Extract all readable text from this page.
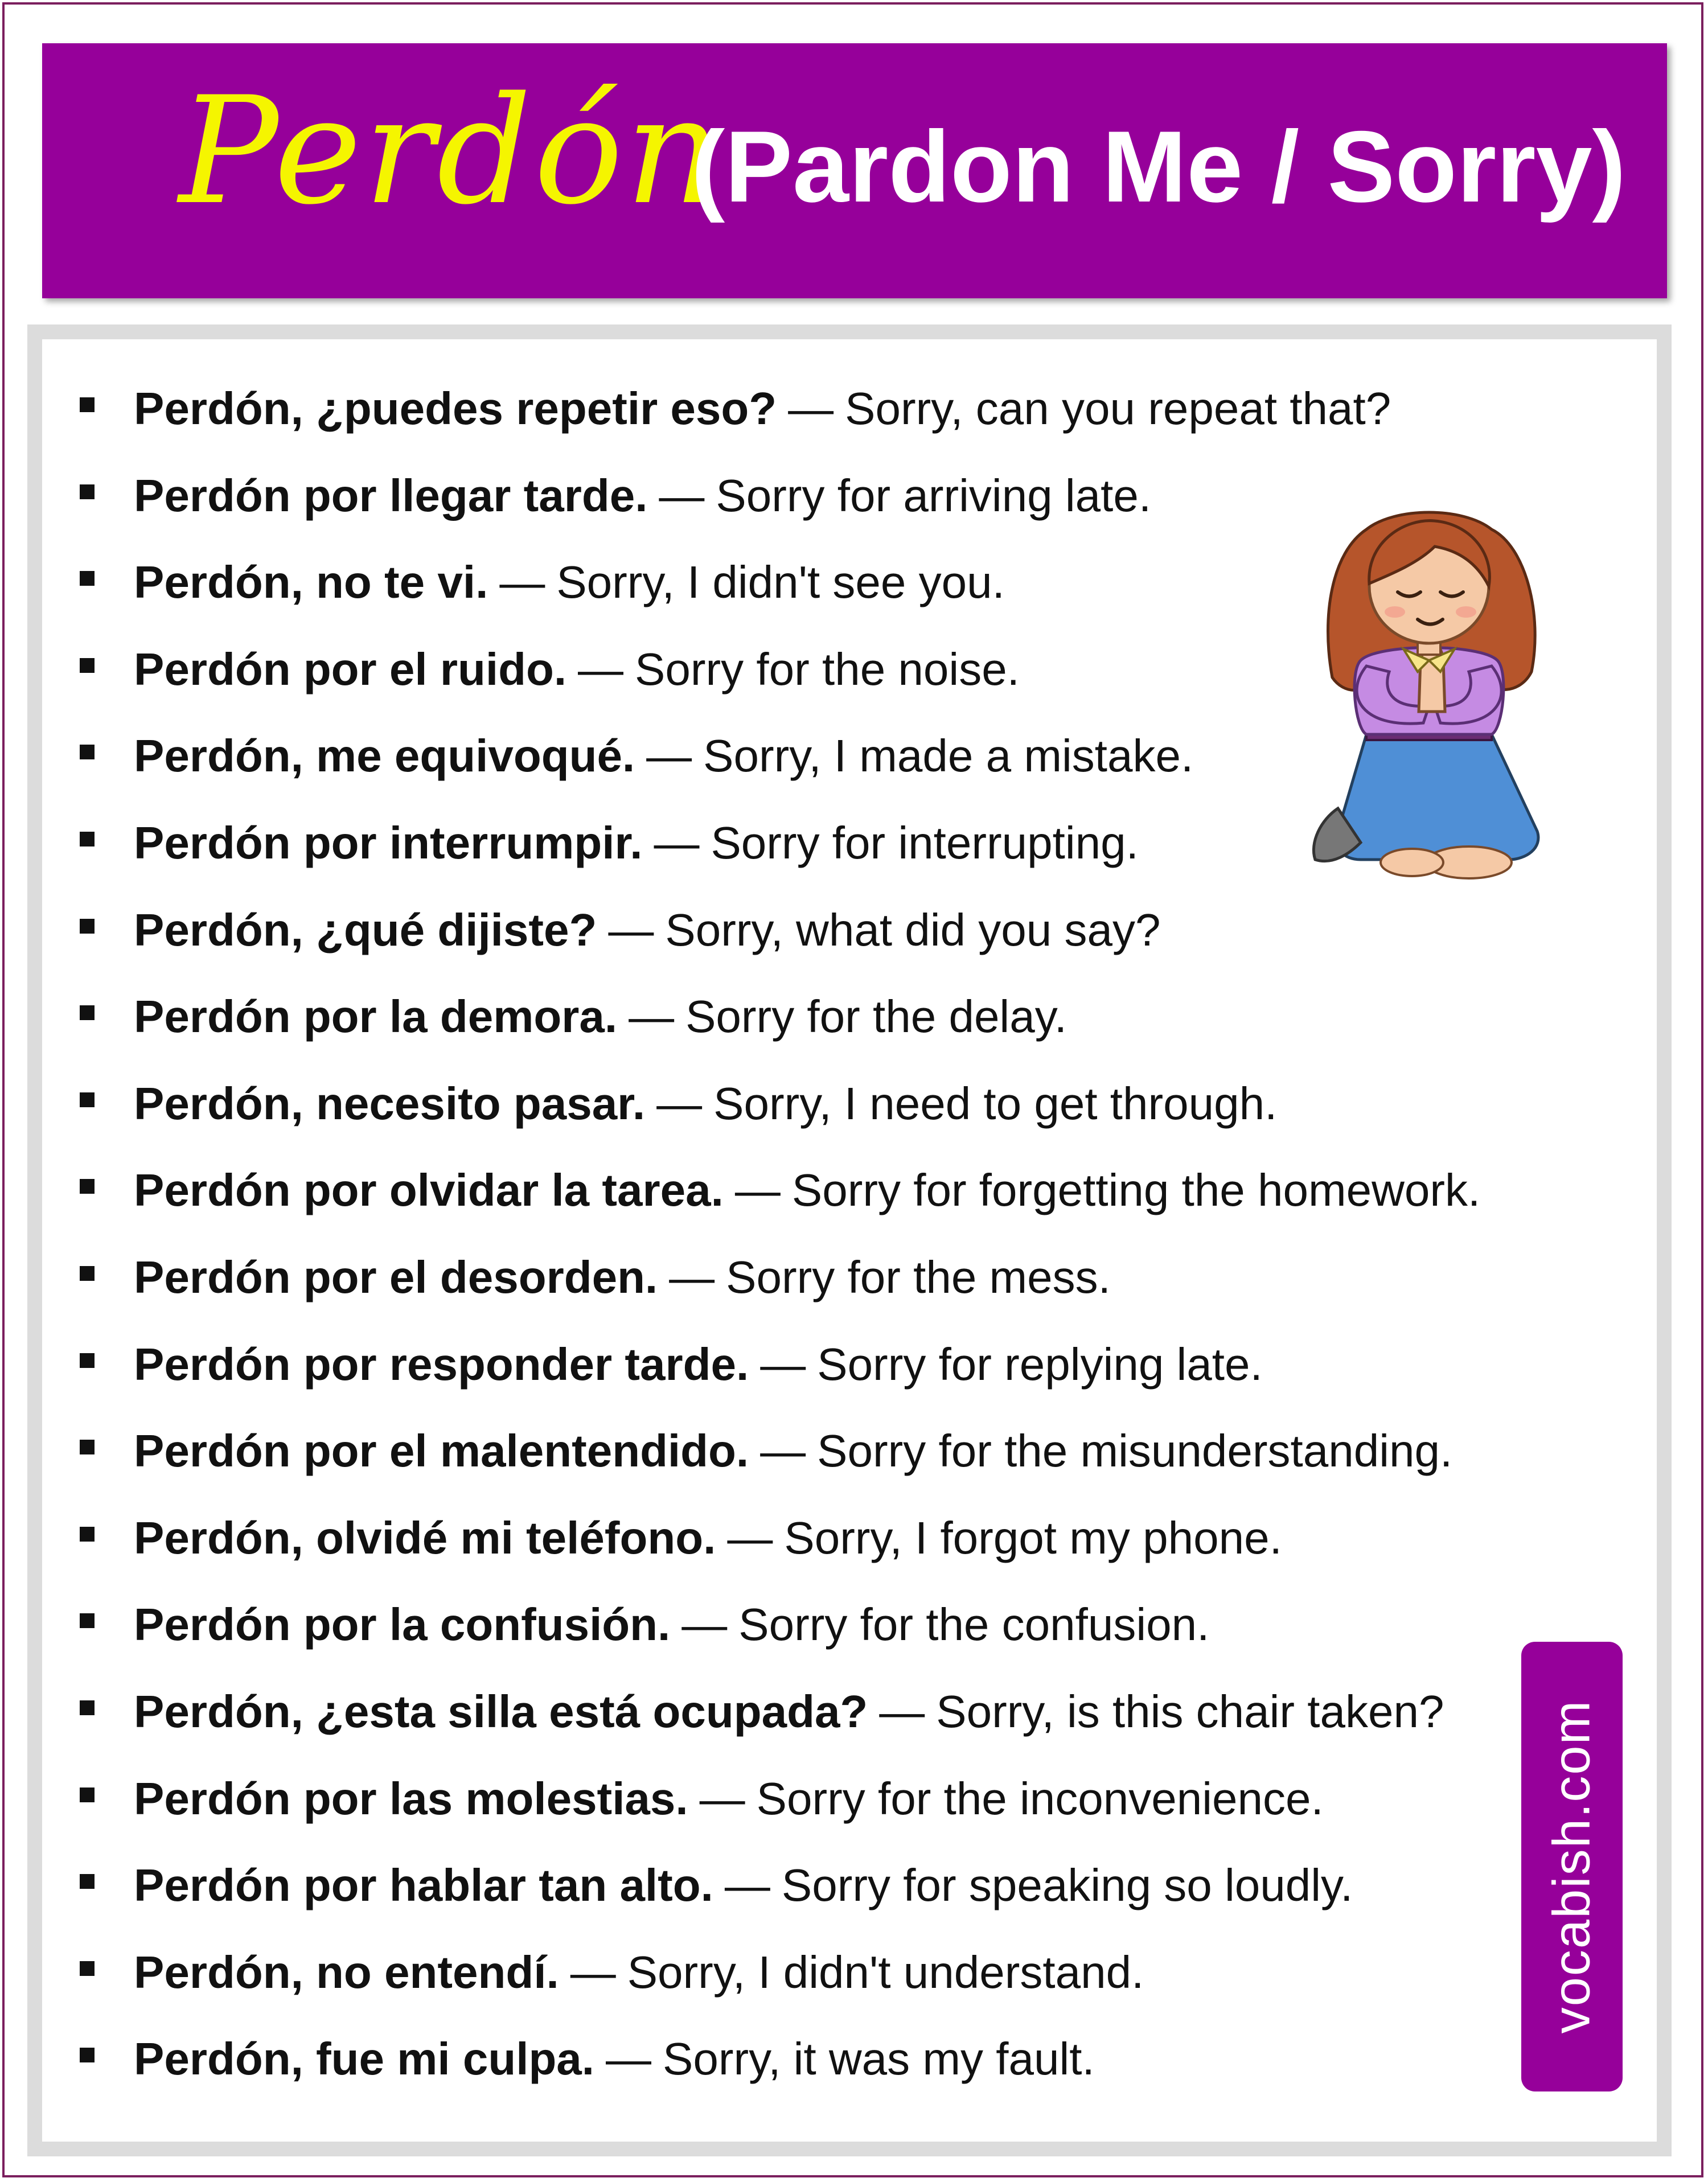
Perdón
(Pardon Me / Sorry)
Perdón, ¿puedes repetir eso? — Sorry, can you repeat that?
Perdón por llegar tarde. — Sorry for arriving late.
Perdón, no te vi. — Sorry, I didn't see you.
Perdón por el ruido. — Sorry for the noise.
Perdón, me equivoqué. — Sorry, I made a mistake.
Perdón por interrumpir. — Sorry for interrupting.
Perdón, ¿qué dijiste? — Sorry, what did you say?
Perdón por la demora. — Sorry for the delay.
Perdón, necesito pasar. — Sorry, I need to get through.
Perdón por olvidar la tarea. — Sorry for forgetting the homework.
Perdón por el desorden. — Sorry for the mess.
Perdón por responder tarde. — Sorry for replying late.
Perdón por el malentendido. — Sorry for the misunderstanding.
Perdón, olvidé mi teléfono. — Sorry, I forgot my phone.
Perdón por la confusión. — Sorry for the confusion.
Perdón, ¿esta silla está ocupada? — Sorry, is this chair taken?
Perdón por las molestias. — Sorry for the inconvenience.
Perdón por hablar tan alto. — Sorry for speaking so loudly.
Perdón, no entendí. — Sorry, I didn't understand.
Perdón, fue mi culpa. — Sorry, it was my fault.
vocabish.com
